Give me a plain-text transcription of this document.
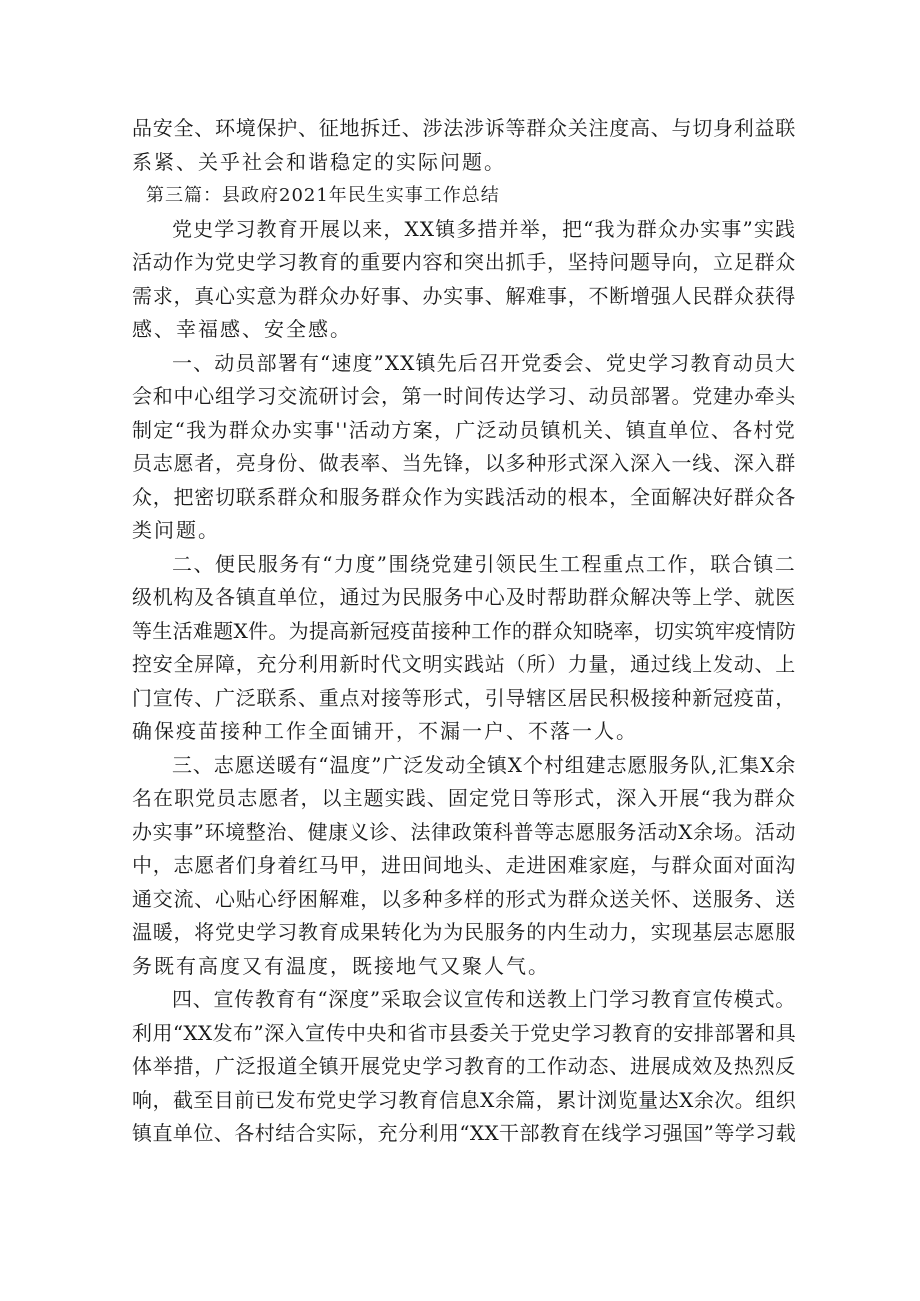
品安全、环境保护、征地拆迁、涉法涉诉等群众关注度高、与切身利益联
系紧、关乎社会和谐稳定的实际问题。
第三篇：县政府2021年民生实事工作总结
党史学习教育开展以来，XX镇多措并举，把“我为群众办实事”实践
活动作为党史学习教育的重要内容和突出抓手，坚持问题导向，立足群众
需求，真心实意为群众办好事、办实事、解难事，不断增强人民群众获得
感、幸福感、安全感。
一、动员部署有“速度”XX镇先后召开党委会、党史学习教育动员大
会和中心组学习交流研讨会，第一时间传达学习、动员部署。党建办牵头
制定“我为群众办实事''活动方案，广泛动员镇机关、镇直单位、各村党
员志愿者，亮身份、做表率、当先锋，以多种形式深入深入一线、深入群
众，把密切联系群众和服务群众作为实践活动的根本，全面解决好群众各
类问题。
二、便民服务有“力度”围绕党建引领民生工程重点工作，联合镇二
级机构及各镇直单位，通过为民服务中心及时帮助群众解决等上学、就医
等生活难题X件。为提高新冠疫苗接种工作的群众知晓率，切实筑牢疫情防
控安全屏障，充分利用新时代文明实践站（所）力量，通过线上发动、上
门宣传、广泛联系、重点对接等形式，引导辖区居民积极接种新冠疫苗，
确保疫苗接种工作全面铺开，不漏一户、不落一人。
三、志愿送暖有“温度”广泛发动全镇X个村组建志愿服务队,汇集X余
名在职党员志愿者，以主题实践、固定党日等形式，深入开展“我为群众
办实事”环境整治、健康义诊、法律政策科普等志愿服务活动X余场。活动
中，志愿者们身着红马甲，进田间地头、走进困难家庭，与群众面对面沟
通交流、心贴心纾困解难，以多种多样的形式为群众送关怀、送服务、送
温暖，将党史学习教育成果转化为为民服务的内生动力，实现基层志愿服
务既有高度又有温度，既接地气又聚人气。
四、宣传教育有“深度”采取会议宣传和送教上门学习教育宣传模式。
利用“XX发布”深入宣传中央和省市县委关于党史学习教育的安排部署和具
体举措，广泛报道全镇开展党史学习教育的工作动态、进展成效及热烈反
响，截至目前已发布党史学习教育信息X余篇，累计浏览量达X余次。组织
镇直单位、各村结合实际，充分利用“XX干部教育在线学习强国”等学习载
